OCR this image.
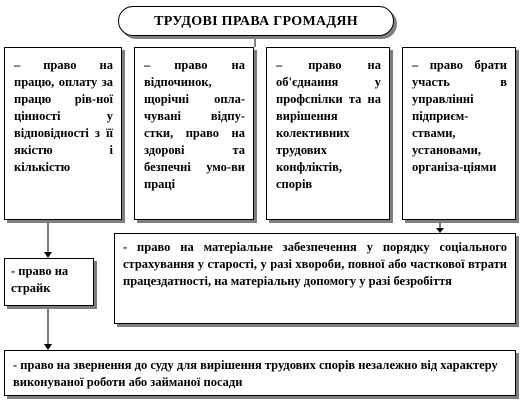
ТРУДОВІ ПРАВА ГРОМАДЯН
– право на працю, оплату за працю рів-ної цінності у відповідності з її якістю і кількістю
– право на відпочинок, щорічні опла-чувані відпу-стки, право на здорові та безпечні умо-ви праці
– право на об'єднання у профспілки та на вирішення колективних трудових конфліктів, спорів
– право брати участь в управлінні підприєм-ствами, установами, організа-ціями
- право на страйк
- право на матеріальне забезпечення у порядку соціального страхування у старості, у разі хвороби, повної або часткової втрати працездатності, на матеріальну допомогу у разі безробіття
- право на звернення до суду для вирішення трудових спорів незалежно від характеру виконуваної роботи або займаної посади
